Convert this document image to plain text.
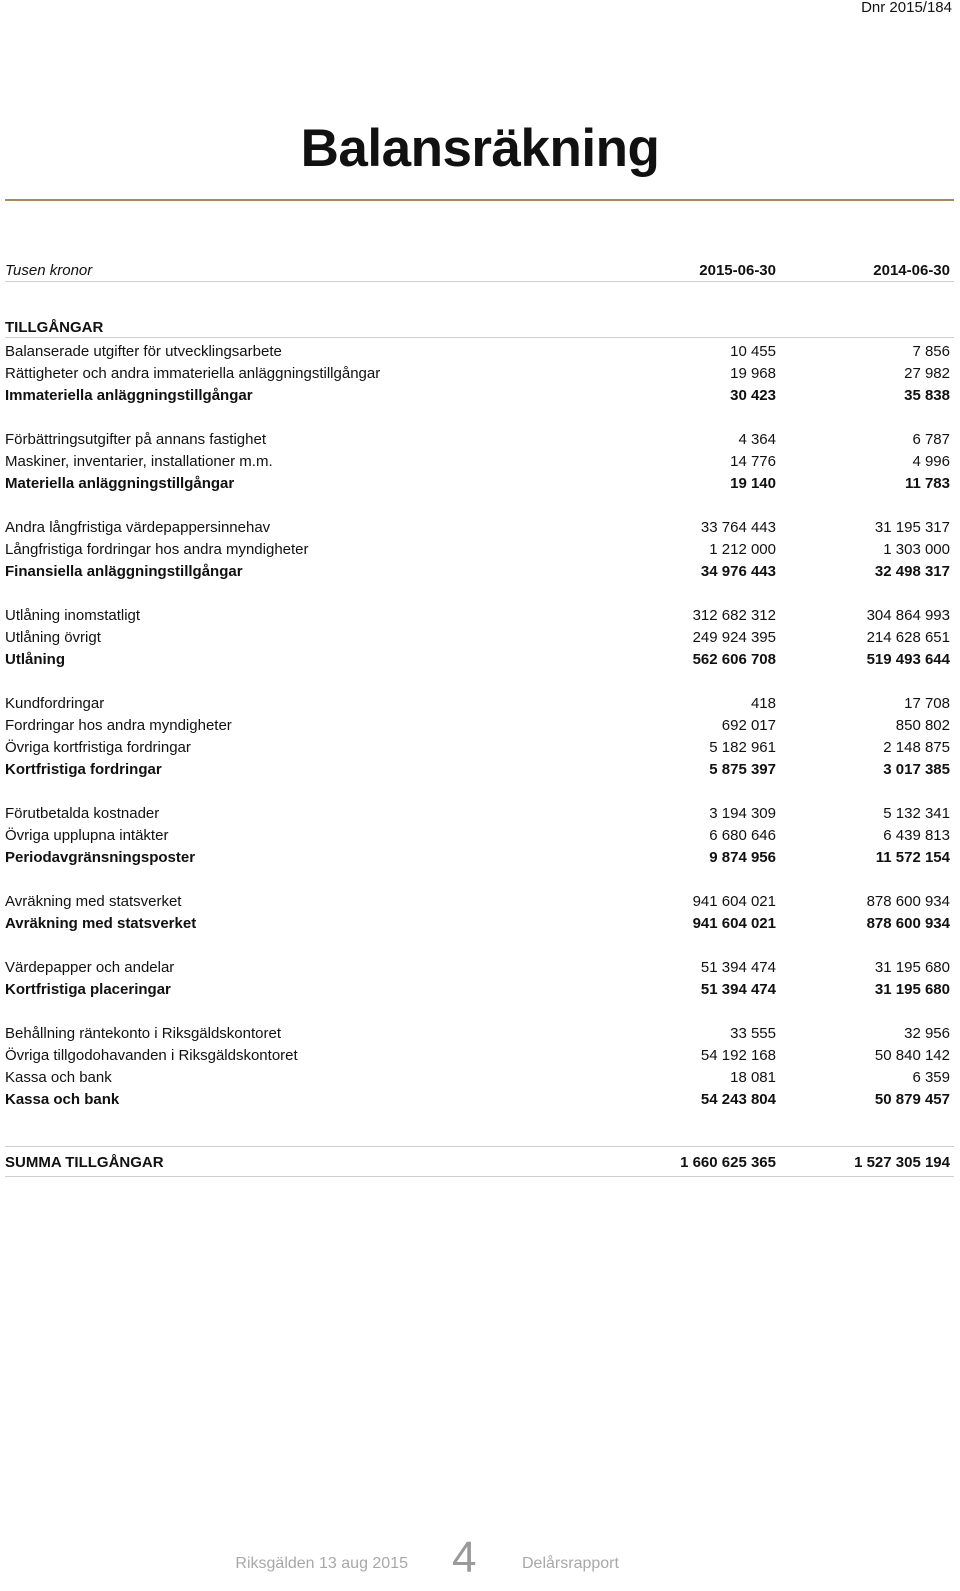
Dnr 2015/184
Balansräkning
Tusen kronor	2015-06-30	2014-06-30
TILLGÅNGAR
Balanserade utgifter för utvecklingsarbete	10 455	7 856
Rättigheter och andra immateriella anläggningstillgångar	19 968	27 982
Immateriella anläggningstillgångar	30 423	35 838
Förbättringsutgifter på annans fastighet	4 364	6 787
Maskiner, inventarier, installationer m.m.	14 776	4 996
Materiella anläggningstillgångar	19 140	11 783
Andra långfristiga värdepappersinnehav	33 764 443	31 195 317
Långfristiga fordringar hos andra myndigheter	1 212 000	1 303 000
Finansiella anläggningstillgångar	34 976 443	32 498 317
Utlåning inomstatligt	312 682 312	304 864 993
Utlåning övrigt	249 924 395	214 628 651
Utlåning	562 606 708	519 493 644
Kundfordringar	418	17 708
Fordringar hos andra myndigheter	692 017	850 802
Övriga kortfristiga fordringar	5 182 961	2 148 875
Kortfristiga fordringar	5 875 397	3 017 385
Förutbetalda kostnader	3 194 309	5 132 341
Övriga upplupna intäkter	6 680 646	6 439 813
Periodavgränsningsposter	9 874 956	11 572 154
Avräkning med statsverket	941 604 021	878 600 934
Avräkning med statsverket	941 604 021	878 600 934
Värdepapper och andelar	51 394 474	31 195 680
Kortfristiga placeringar	51 394 474	31 195 680
Behållning räntekonto i Riksgäldskontoret	33 555	32 956
Övriga tillgodohavanden i Riksgäldskontoret	54 192 168	50 840 142
Kassa och bank	18 081	6 359
Kassa och bank	54 243 804	50 879 457
SUMMA TILLGÅNGAR	1 660 625 365	1 527 305 194
Riksgälden 13 aug 2015 4	Delårsrapport
